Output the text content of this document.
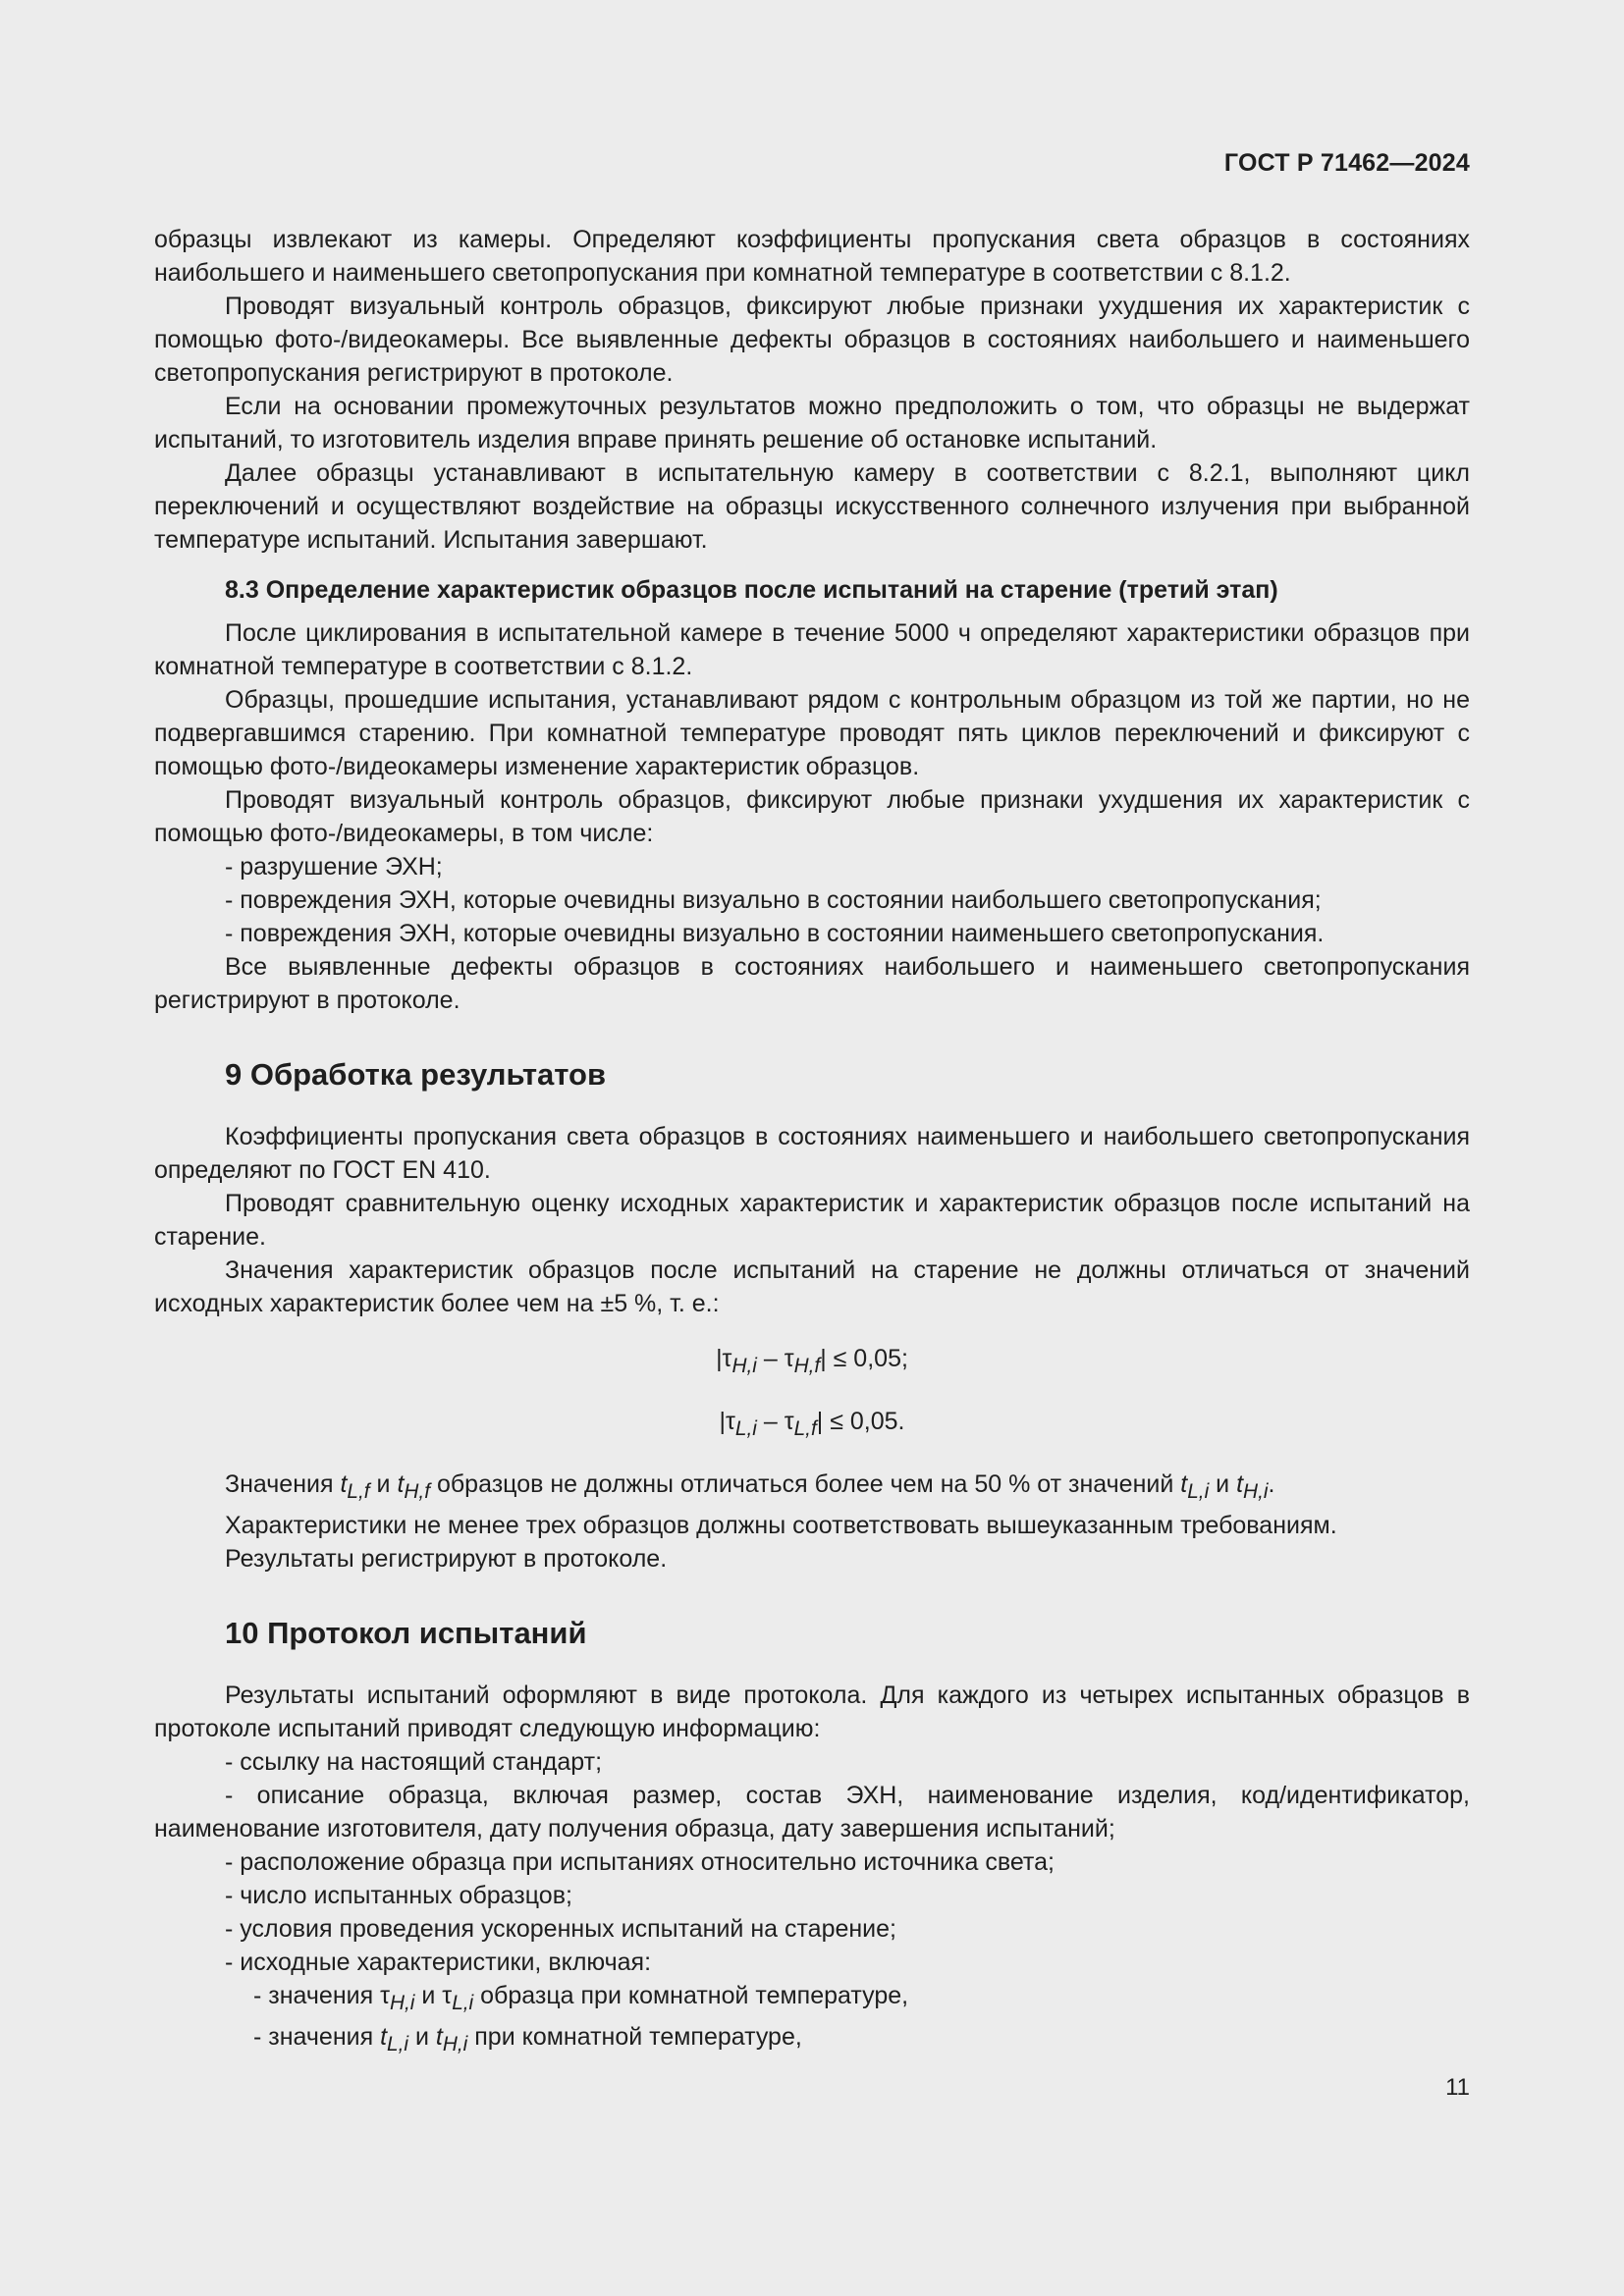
ГОСТ Р 71462—2024

образцы извлекают из камеры. Определяют коэффициенты пропускания света образцов в состояниях наибольшего и наименьшего светопропускания при комнатной температуре в соответствии с 8.1.2.

Проводят визуальный контроль образцов, фиксируют любые признаки ухудшения их характеристик с помощью фото-/видеокамеры. Все выявленные дефекты образцов в состояниях наибольшего и наименьшего светопропускания регистрируют в протоколе.

Если на основании промежуточных результатов можно предположить о том, что образцы не выдержат испытаний, то изготовитель изделия вправе принять решение об остановке испытаний.

Далее образцы устанавливают в испытательную камеру в соответствии с 8.2.1, выполняют цикл переключений и осуществляют воздействие на образцы искусственного солнечного излучения при выбранной температуре испытаний. Испытания завершают.

8.3 Определение характеристик образцов после испытаний на старение (третий этап)

После циклирования в испытательной камере в течение 5000 ч определяют характеристики образцов при комнатной температуре в соответствии с 8.1.2.

Образцы, прошедшие испытания, устанавливают рядом с контрольным образцом из той же партии, но не подвергавшимся старению. При комнатной температуре проводят пять циклов переключений и фиксируют с помощью фото-/видеокамеры изменение характеристик образцов.

Проводят визуальный контроль образцов, фиксируют любые признаки ухудшения их характеристик с помощью фото-/видеокамеры, в том числе:

- разрушение ЭХН;

- повреждения ЭХН, которые очевидны визуально в состоянии наибольшего светопропускания;

- повреждения ЭХН, которые очевидны визуально в состоянии наименьшего светопропускания.

Все выявленные дефекты образцов в состояниях наибольшего и наименьшего светопропускания регистрируют в протоколе.

9 Обработка результатов

Коэффициенты пропускания света образцов в состояниях наименьшего и наибольшего светопропускания определяют по ГОСТ EN 410.

Проводят сравнительную оценку исходных характеристик и характеристик образцов после испытаний на старение.

Значения характеристик образцов после испытаний на старение не должны отличаться от значений исходных характеристик более чем на ±5 %, т. е.:

$|\tau_{H,i} - \tau_{H,f}| \le 0,05$;

$|\tau_{L,i} - \tau_{L,f}| \le 0,05$.

Значения $t_{L,f}$ и $t_{H,f}$ образцов не должны отличаться более чем на 50 % от значений $t_{L,i}$ и $t_{H,i}$.

Характеристики не менее трех образцов должны соответствовать вышеуказанным требованиям.

Результаты регистрируют в протоколе.

10 Протокол испытаний

Результаты испытаний оформляют в виде протокола. Для каждого из четырех испытанных образцов в протоколе испытаний приводят следующую информацию:

- ссылку на настоящий стандарт;

- описание образца, включая размер, состав ЭХН, наименование изделия, код/идентификатор, наименование изготовителя, дату получения образца, дату завершения испытаний;

- расположение образца при испытаниях относительно источника света;

- число испытанных образцов;

- условия проведения ускоренных испытаний на старение;

- исходные характеристики, включая:

- значения $\tau_{H,i}$ и $\tau_{L,i}$ образца при комнатной температуре,

- значения $t_{L,i}$ и $t_{H,i}$ при комнатной температуре,

11
